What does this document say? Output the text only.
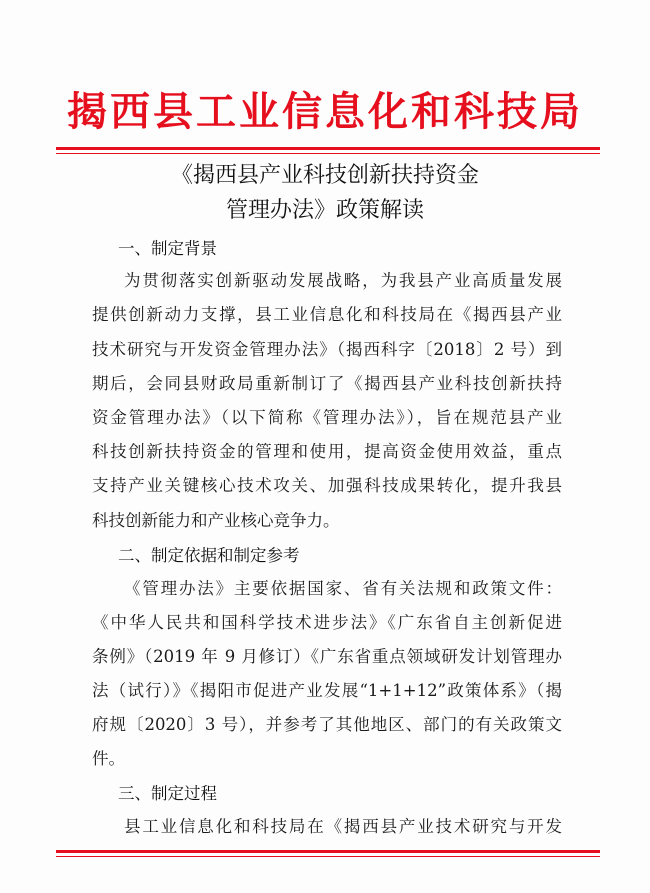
揭西县工业信息化和科技局
《揭西县产业科技创新扶持资金
管理办法》政策解读
一、制定背景
为贯彻落实创新驱动发展战略，为我县产业高质量发展
提供创新动力支撑，县工业信息化和科技局在《揭西县产业
技术研究与开发资金管理办法》（揭西科字〔2018〕2 号）到
期后，会同县财政局重新制订了《揭西县产业科技创新扶持
资金管理办法》（以下简称《管理办法》），旨在规范县产业
科技创新扶持资金的管理和使用，提高资金使用效益，重点
支持产业关键核心技术攻关、加强科技成果转化，提升我县
科技创新能力和产业核心竞争力。
二、制定依据和制定参考
《管理办法》主要依据国家、省有关法规和政策文件：
《中华人民共和国科学技术进步法》《广东省自主创新促进
条例》（2019 年 9 月修订）《广东省重点领域研发计划管理办
法（试行）》《揭阳市促进产业发展“1+1+12”政策体系》（揭
府规〔2020〕3 号），并参考了其他地区、部门的有关政策文
件。
三、制定过程
县工业信息化和科技局在《揭西县产业技术研究与开发
